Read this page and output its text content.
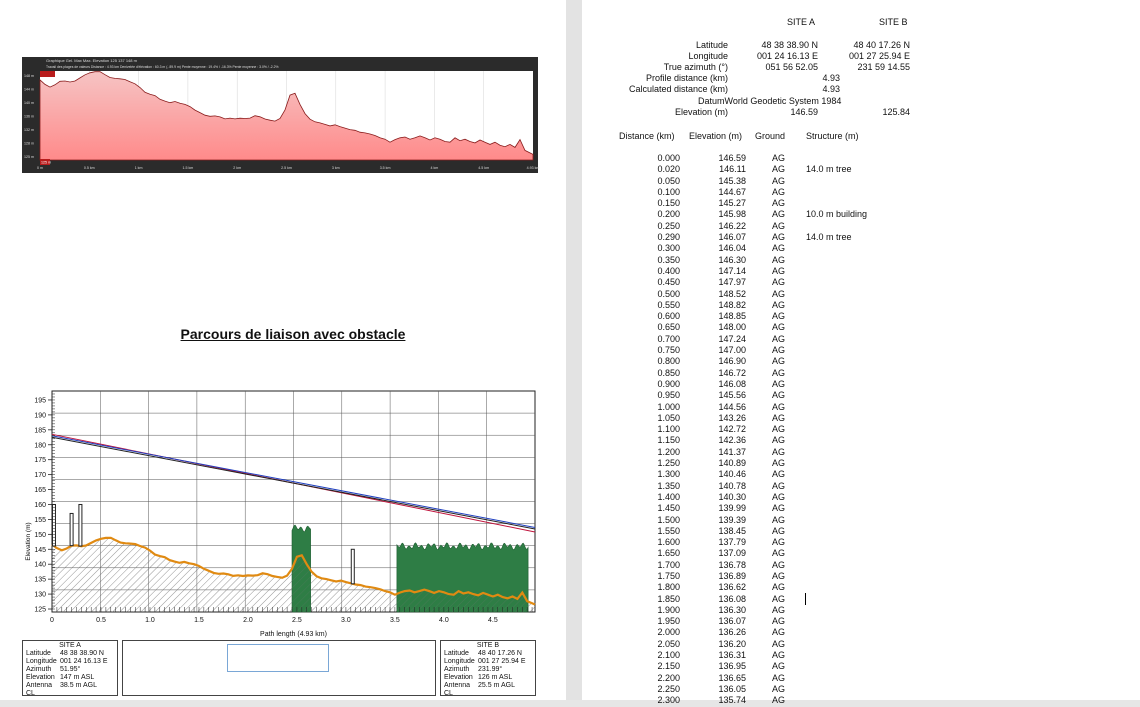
Graphique Gel. Max Max. Elevation 125 137 148 m
Travail des plages de valeurs Distance : 4.93 km Denivelée d'élévation : 60.3 m (- 89.9 m) Pente moyenne : 19.4% / -16.3% Pente moyenne : 3.0% / -2.2%
148 m
144 m
140 m
136 m
132 m
128 m
125 m
0 m	0.5 km	1 km	1.5 km	2 km	2.5 km	3 km	3.5 km	4 km	4.5 km	4.93 km
125 m
Parcours de liaison avec obstacle
195
190
185
180
175
170
165
160
155
150
145
140
135
130
125
0	0.5	1.0	1.5	2.0	2.5	3.0	3.5	4.0	4.5
Path length (4.93 km)
Elevation (m)
SITE A
Latitude	48 38 38.90 N
Longitude 001 24 16.13 E
Azimuth	51.95°
Elevation 147 m ASL
Antenna CL
38.5 m AGL
SITE B
Latitude	48 40 17.26 N
Longitude 001 27 25.94 E
Azimuth	231.99°
Elevation 126 m ASL
Antenna CL
25.5 m AGL
SITE A	SITE B
Latitude	48 38 38.90 N	48 40 17.26 N
Longitude	001 24 16.13 E	001 27 25.94 E
True azimuth (°)	051 56 52.05	231 59 14.55
Profile distance (km)	4.93
Calculated distance (km)	4.93
DatumWorld Geodetic System 1984
Elevation (m)	146.59	125.84
Distance (km) Elevation (m) Ground Structure (m)
0.000	146.59	AG
0.020	146.11	AG 14.0 m tree
0.050	145.38	AG
0.100	144.67	AG
0.150	145.27	AG
0.200	145.98	AG 10.0 m building
0.250	146.22	AG
0.290	146.07	AG 14.0 m tree
0.300	146.04	AG
0.350	146.30	AG
0.400	147.14	AG
0.450	147.97	AG
0.500	148.52	AG
0.550	148.82	AG
0.600	148.85	AG
0.650	148.00	AG
0.700	147.24	AG
0.750	147.00	AG
0.800	146.90	AG
0.850	146.72	AG
0.900	146.08	AG
0.950	145.56	AG
1.000	144.56	AG
1.050	143.26	AG
1.100	142.72	AG
1.150	142.36	AG
1.200	141.37	AG
1.250	140.89	AG
1.300	140.46	AG
1.350	140.78	AG
1.400	140.30	AG
1.450	139.99	AG
1.500	139.39	AG
1.550	138.45	AG
1.600	137.79	AG
1.650	137.09	AG
1.700	136.78	AG
1.750	136.89	AG
1.800	136.62	AG
1.850	136.08	AG
1.900	136.30	AG
1.950	136.07	AG
2.000	136.26	AG
2.050	136.20	AG
2.100	136.31	AG
2.150	136.95	AG
2.200	136.65	AG
2.250	136.05	AG
2.300	135.74	AG
